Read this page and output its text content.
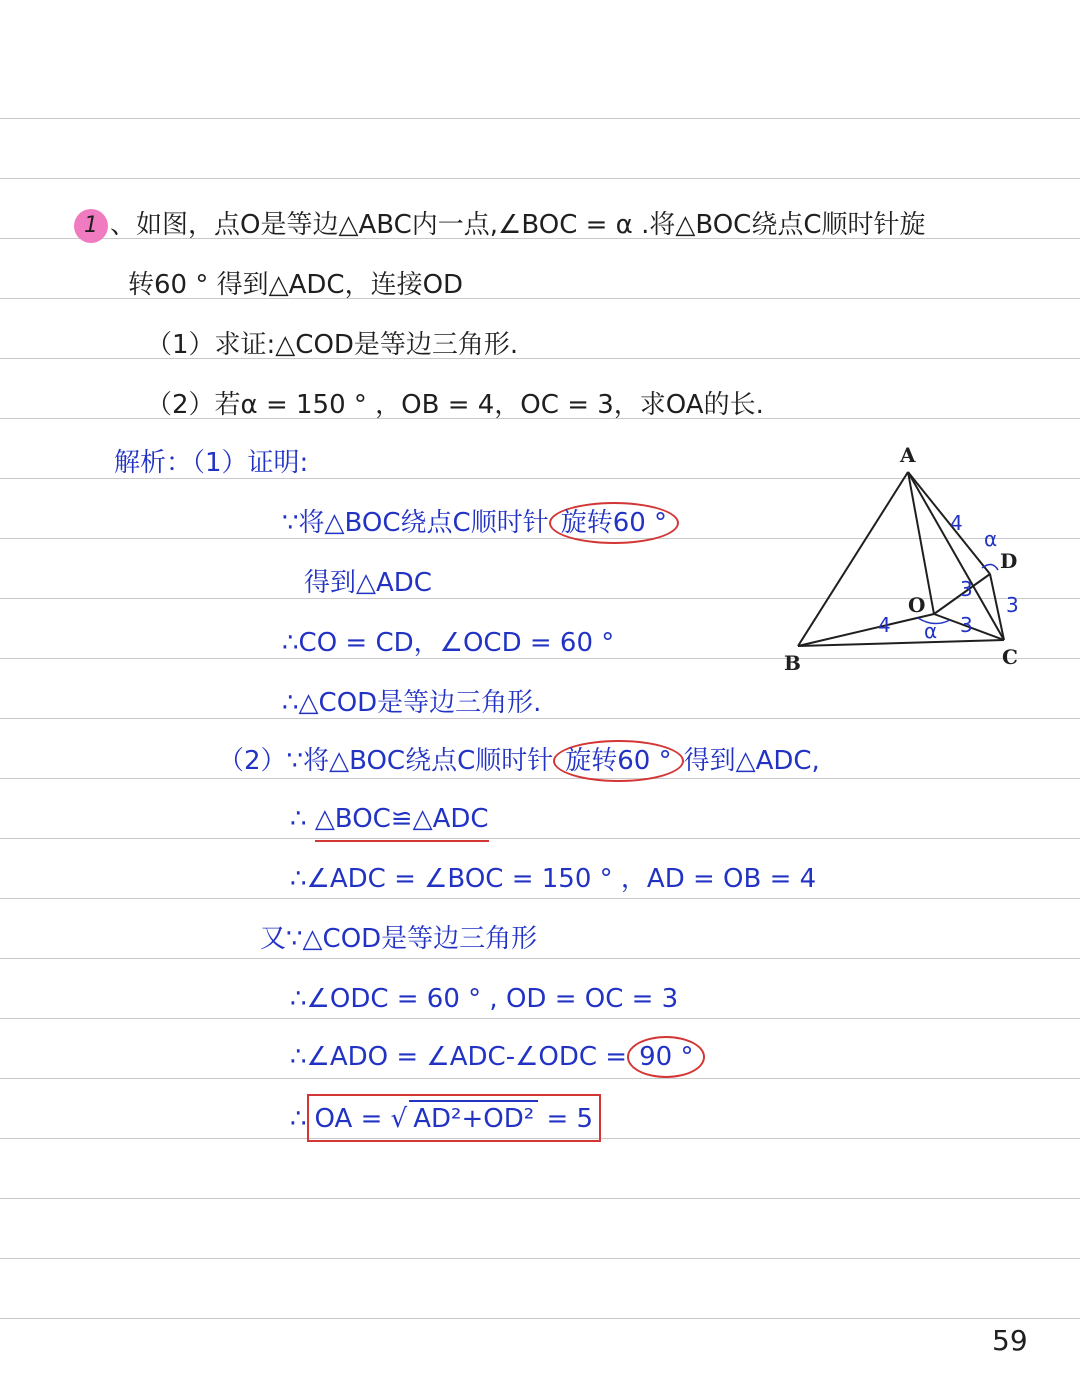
1 、如图，点O是等边△ABC内一点,∠BOC = α .将△BOC绕点C顺时针旋
转60 ° 得到△ADC，连接OD
（1）求证:△COD是等边三角形.
（2）若α = 150 ° ，OB = 4，OC = 3，求OA的长.
解析：（1）证明:
∵将△BOC绕点C顺时针 旋转60 °
得到△ADC
∴CO = CD，∠OCD = 60 °
∴△COD是等边三角形.
（2）∵将△BOC绕点C顺时针 旋转60 ° 得到△ADC,
∴ △BOC≌△ADC
∴∠ADC = ∠BOC = 150 ° ，AD = OB = 4
又∵△COD是等边三角形
∴∠ODC = 60 ° , OD = OC = 3
∴∠ADO = ∠ADC-∠ODC = 90 °
∴ OA = √ AD²+OD² = 5
A
B	C
D
O
4
α
3
3
4 α 3
59
